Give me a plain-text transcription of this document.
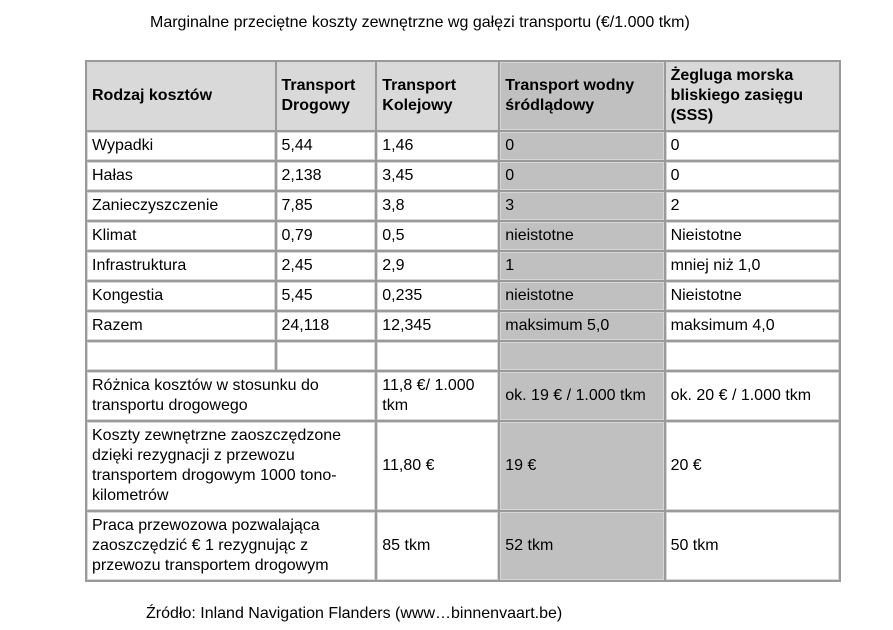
Marginalne przeciętne koszty zewnętrzne wg gałęzi transportu (€/1.000 tkm)
Rodzaj kosztów	Transport Drogowy	Transport Kolejowy	Transport wodny śródlądowy	Żegluga morska bliskiego zasięgu (SSS)
Wypadki	5,44	1,46	0	0
Hałas	2,138	3,45	0	0
Zanieczyszczenie	7,85	3,8	3	2
Klimat	0,79	0,5	nieistotne	Nieistotne
Infrastruktura	2,45	2,9	1	mniej niż 1,0
Kongestia	5,45	0,235	nieistotne	Nieistotne
Razem	24,118	12,345	maksimum 5,0	maksimum 4,0

Różnica kosztów w stosunku do transportu drogowego		11,8 €/ 1.000 tkm	ok. 19 € / 1.000 tkm	ok. 20 € / 1.000 tkm
Koszty zewnętrzne zaoszczędzone dzięki rezygnacji z przewozu transportem drogowym 1000 tono-kilometrów		11,80 €	19 €	20 €
Praca przewozowa pozwalająca zaoszczędzić € 1 rezygnując z przewozu transportem drogowym		85 tkm	52 tkm	50 tkm
Źródło: Inland Navigation Flanders (www…binnenvaart.be)
